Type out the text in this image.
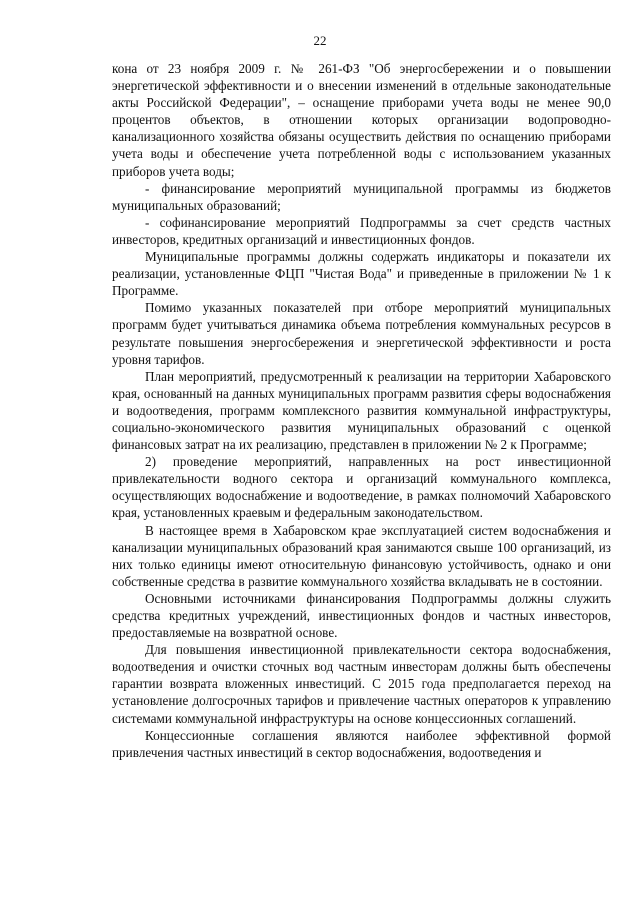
22

кона от 23 ноября 2009 г. № 261-ФЗ "Об энергосбережении и о повышении энергетической эффективности и о внесении изменений в отдельные законодательные акты Российской Федерации", – оснащение приборами учета воды не менее 90,0 процентов объектов, в отношении которых организации водопроводно-канализационного хозяйства обязаны осуществить действия по оснащению приборами учета воды и обеспечение учета потребленной воды с использованием указанных приборов учета воды;

- финансирование мероприятий муниципальной программы из бюджетов муниципальных образований;

- софинансирование мероприятий Подпрограммы за счет средств частных инвесторов, кредитных организаций и инвестиционных фондов.

Муниципальные программы должны содержать индикаторы и показатели их реализации, установленные ФЦП "Чистая Вода" и приведенные в приложении № 1 к Программе.

Помимо указанных показателей при отборе мероприятий муниципальных программ будет учитываться динамика объема потребления коммунальных ресурсов в результате повышения энергосбережения и энергетической эффективности и роста уровня тарифов.

План мероприятий, предусмотренный к реализации на территории Хабаровского края, основанный на данных муниципальных программ развития сферы водоснабжения и водоотведения, программ комплексного развития коммунальной инфраструктуры, социально-экономического развития муниципальных образований с оценкой финансовых затрат на их реализацию, представлен в приложении № 2 к Программе;

2) проведение мероприятий, направленных на рост инвестиционной привлекательности водного сектора и организаций коммунального комплекса, осуществляющих водоснабжение и водоотведение, в рамках полномочий Хабаровского края, установленных краевым и федеральным законодательством.

В настоящее время в Хабаровском крае эксплуатацией систем водоснабжения и канализации муниципальных образований края занимаются свыше 100 организаций, из них только единицы имеют относительную финансовую устойчивость, однако и они собственные средства в развитие коммунального хозяйства вкладывать не в состоянии.

Основными источниками финансирования Подпрограммы должны служить средства кредитных учреждений, инвестиционных фондов и частных инвесторов, предоставляемые на возвратной основе.

Для повышения инвестиционной привлекательности сектора водоснабжения, водоотведения и очистки сточных вод частным инвесторам должны быть обеспечены гарантии возврата вложенных инвестиций. С 2015 года предполагается переход на установление долгосрочных тарифов и привлечение частных операторов к управлению системами коммунальной инфраструктуры на основе концессионных соглашений.

Концессионные соглашения являются наиболее эффективной формой привлечения частных инвестиций в сектор водоснабжения, водоотведения и
